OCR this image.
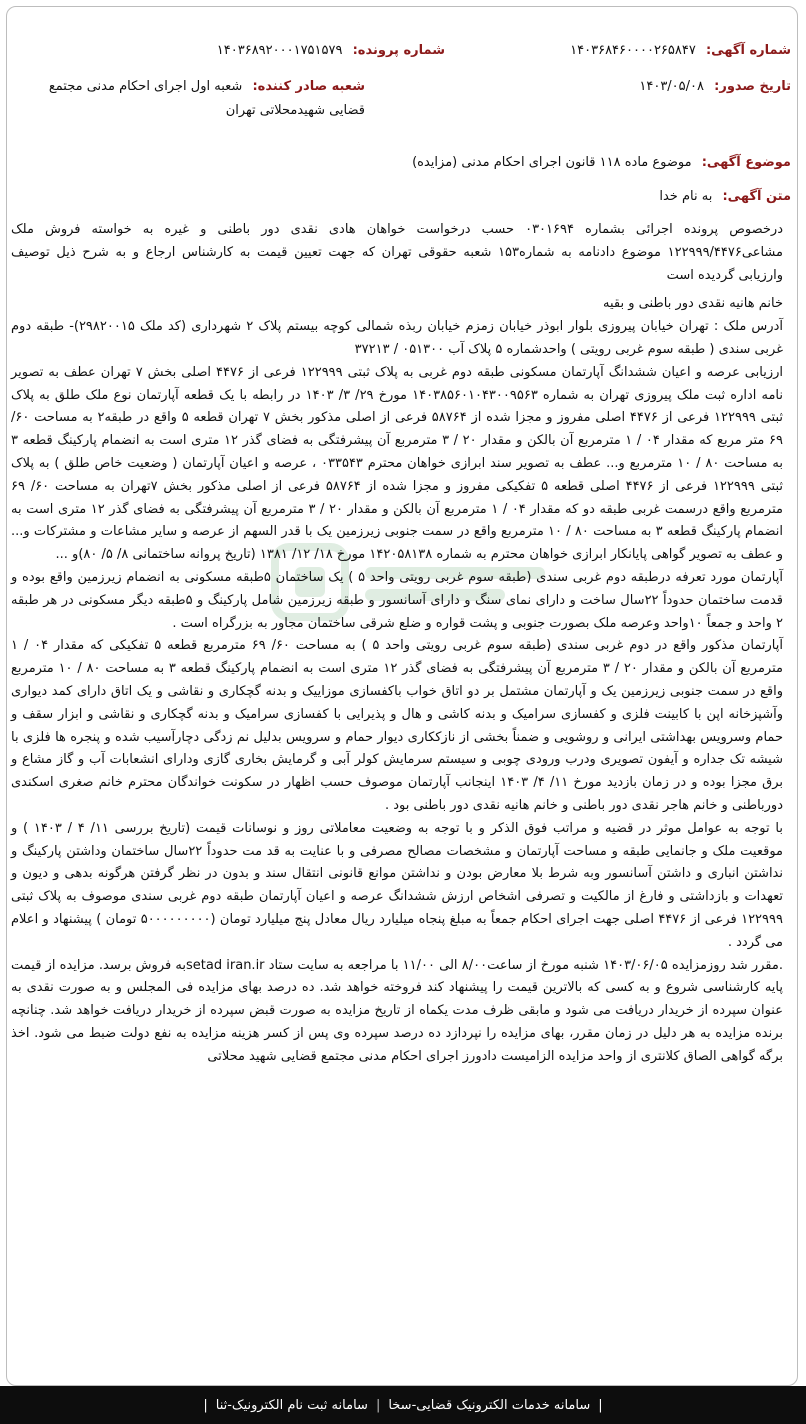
شماره آگهی: ۱۴۰۳۶۸۴۶۰۰۰۰۲۶۵۸۴۷
شماره پرونده: ۱۴۰۳۶۸۹۲۰۰۰۱۷۵۱۵۷۹
تاریخ صدور: ۱۴۰۳/۰۵/۰۸
شعبه صادر کننده: شعبه اول اجرای احکام مدنی مجتمع قضایی شهیدمحلاتی تهران
موضوع آگهی: موضوع ماده ۱۱۸ قانون اجرای احکام مدنی (مزایده)
متن آگهی: به نام خدا

درخصوص پرونده اجرائی بشماره ۰۳۰۱۶۹۴ حسب درخواست خواهان هادی نقدی دور باطنی و غیره به خواسته فروش ملک مشاعی۱۲۲۹۹۹/۴۴۷۶ موضوع دادنامه به شماره۱۵۳ شعبه حقوقی تهران که جهت تعیین قیمت به کارشناس ارجاع و به شرح ذیل توصیف وارزیابی گردیده است

خانم هانیه نقدی دور باطنی و بقیه

آدرس ملک : تهران خیابان پیروزی بلوار ابوذر خیابان زمزم خیابان ربذه شمالی کوچه بیستم پلاک ۲ شهرداری (کد ملک ۲۹۸۲۰۰۱۵)- طبقه دوم غربی سندی ( طبقه سوم غربی رویتی ) واحدشماره ۵ پلاک آب ۰۵۱۳۰۰ / ۳۷۲۱۳

ارزیابی عرصه و اعیان ششدانگ آپارتمان مسکونی طبقه دوم غربی به پلاک ثبتی ۱۲۲۹۹۹ فرعی از ۴۴۷۶ اصلی بخش ۷ تهران عطف به تصویر نامه اداره ثبت ملک پیروزی تهران به شماره ۱۴۰۳۸۵۶۰۱۰۴۳۰۰۹۵۶۳ مورخ ۲۹/ ۳/ ۱۴۰۳ در رابطه با یک قطعه آپارتمان نوع ملک طلق به پلاک ثبتی ۱۲۲۹۹۹ فرعی از ۴۴۷۶ اصلی مفروز و مجزا شده از ۵۸۷۶۴ فرعی از اصلی مذکور بخش ۷ تهران قطعه ۵ واقع در طبقه۲ به مساحت ۶۰/ ۶۹ متر مربع که مقدار ۰۴ / ۱ مترمربع آن بالکن و مقدار ۲۰ / ۳ مترمربع آن پیشرفتگی به فضای گذر ۱۲ متری است به انضمام پارکینگ قطعه ۳ به مساحت ۸۰ / ۱۰ مترمربع و... عطف به تصویر سند ابرازی خواهان محترم ۰۳۳۵۴۳ ، عرصه و اعیان آپارتمان ( وضعیت خاص طلق ) به پلاک ثبتی ۱۲۲۹۹۹ فرعی از ۴۴۷۶ اصلی قطعه ۵ تفکیکی مفروز و مجزا شده از ۵۸۷۶۴ فرعی از اصلی مذکور بخش ۷تهران به مساحت ۶۰/ ۶۹ مترمربع واقع درسمت غربی طبقه دو که مقدار ۰۴ / ۱ مترمربع آن بالکن و مقدار ۲۰ / ۳ مترمربع آن پیشرفتگی به فضای گذر ۱۲ متری است به انضمام پارکینگ قطعه ۳ به مساحت ۸۰ / ۱۰ مترمربع واقع در سمت جنوبی زیرزمین یک با قدر السهم از عرصه و سایر مشاعات و مشترکات و... و عطف به تصویر گواهی پایانکار ابرازی خواهان محترم به شماره ۱۴۲۰۵۸۱۳۸ مورخ ۱۸/ ۱۲/ ۱۳۸۱ (تاریخ پروانه ساختمانی ۸/ ۵/ ۸۰)و ...

آپارتمان مورد تعرفه درطبقه دوم غربی سندی (طبقه سوم غربی رویتی واحد ۵ ) یک ساختمان ۵طبقه مسکونی به انضمام زیرزمین واقع بوده و قدمت ساختمان حدوداً ۲۲سال ساخت و دارای نمای سنگ و دارای آسانسور و طبقه زیرزمین شامل پارکینگ و ۵طبقه دیگر مسکونی در هر طبقه ۲ واحد و جمعاً ۱۰واحد وعرصه ملک بصورت جنوبی و پشت قواره و ضلع شرقی ساختمان مجاور به بزرگراه است .

آپارتمان مذکور واقع در دوم غربی سندی (طبقه سوم غربی رویتی واحد ۵ ) به مساحت ۶۰/ ۶۹ مترمربع قطعه ۵ تفکیکی که مقدار ۰۴ / ۱ مترمربع آن بالکن و مقدار ۲۰ / ۳ مترمربع آن پیشرفتگی به فضای گذر ۱۲ متری است به انضمام پارکینگ قطعه ۳ به مساحت ۸۰ / ۱۰ مترمربع واقع در سمت جنوبی زیرزمین یک و آپارتمان مشتمل بر دو اتاق خواب باکفسازی موزاییک و بدنه گچکاری و نقاشی و یک اتاق دارای کمد دیواری وآشپزخانه اپن با کابینت فلزی و کفسازی سرامیک و بدنه کاشی و هال و پذیرایی با کفسازی سرامیک و بدنه گچکاری و نقاشی و ابزار سقف و حمام وسرویس بهداشتی ایرانی و روشویی و ضمناً بخشی از نازککاری دیوار حمام و سرویس بدلیل نم زدگی دچارآسیب شده و پنجره ها فلزی با شیشه تک جداره و آیفون تصویری ودرب ورودی چوبی و سیستم سرمایش کولر آبی و گرمایش بخاری گازی ودارای انشعابات آب و گاز مشاع و برق مجزا بوده و در زمان بازدید مورخ ۱۱/ ۴/ ۱۴۰۳ اینجانب آپارتمان موصوف حسب اظهار در سکونت خواندگان محترم خانم صغری اسکندی دورباطنی و خانم هاجر نقدی دور باطنی و خانم هانیه نقدی دور باطنی بود .

با توجه به عوامل موثر در قضیه و مراتب فوق الذکر و با توجه به وضعیت معاملاتی روز و نوسانات قیمت (تاریخ بررسی ۱۱/ ۴ / ۱۴۰۳ ) و موقعیت ملک و جانمایی طبقه و مساحت آپارتمان و مشخصات مصالح مصرفی و با عنایت به قد مت حدوداً ۲۲سال ساختمان وداشتن پارکینگ و نداشتن انباری و داشتن آسانسور وبه شرط بلا معارض بودن و نداشتن موانع قانونی انتقال سند و بدون در نظر گرفتن هرگونه بدهی و دیون و تعهدات و بازداشتی و فارغ از مالکیت و تصرفی اشخاص ارزش ششدانگ عرصه و اعیان آپارتمان طبقه دوم غربی سندی موصوف به پلاک ثبتی ۱۲۲۹۹۹ فرعی از ۴۴۷۶ اصلی جهت اجرای احکام جمعاً به مبلغ پنجاه میلیارد ریال معادل پنج میلیارد تومان (۵۰۰۰۰۰۰۰۰۰ تومان ) پیشنهاد و اعلام می گردد .

.مقرر شد روزمزایده ۱۴۰۳/۰۶/۰۵ شنبه مورخ از ساعت۸/۰۰ الی ۱۱/۰۰ با مراجعه به سایت ستاد setad iran.irبه فروش برسد. مزایده از قیمت پایه کارشناسی شروع و به کسی که بالاترین قیمت را پیشنهاد کند فروخته خواهد شد. ده درصد بهای مزایده فی المجلس و به صورت نقدی به عنوان سپرده از خریدار دریافت می شود و مابقی ظرف مدت یکماه از تاریخ مزایده به صورت قبض سپرده از خریدار دریافت خواهد شد. چنانچه برنده مزایده به هر دلیل در زمان مقرر، بهای مزایده را نپردازد ده درصد سپرده وی پس از کسر هزینه مزایده به نفع دولت ضبط می شود. اخذ برگه گواهی الصاق کلانتری از واحد مزایده الزامیست دادورز اجرای احکام مدنی مجتمع قضایی شهید محلاتی

|
سامانه خدمات الکترونیک قضایی-سخا
|
سامانه ثبت نام الکترونیک-ثنا
|
